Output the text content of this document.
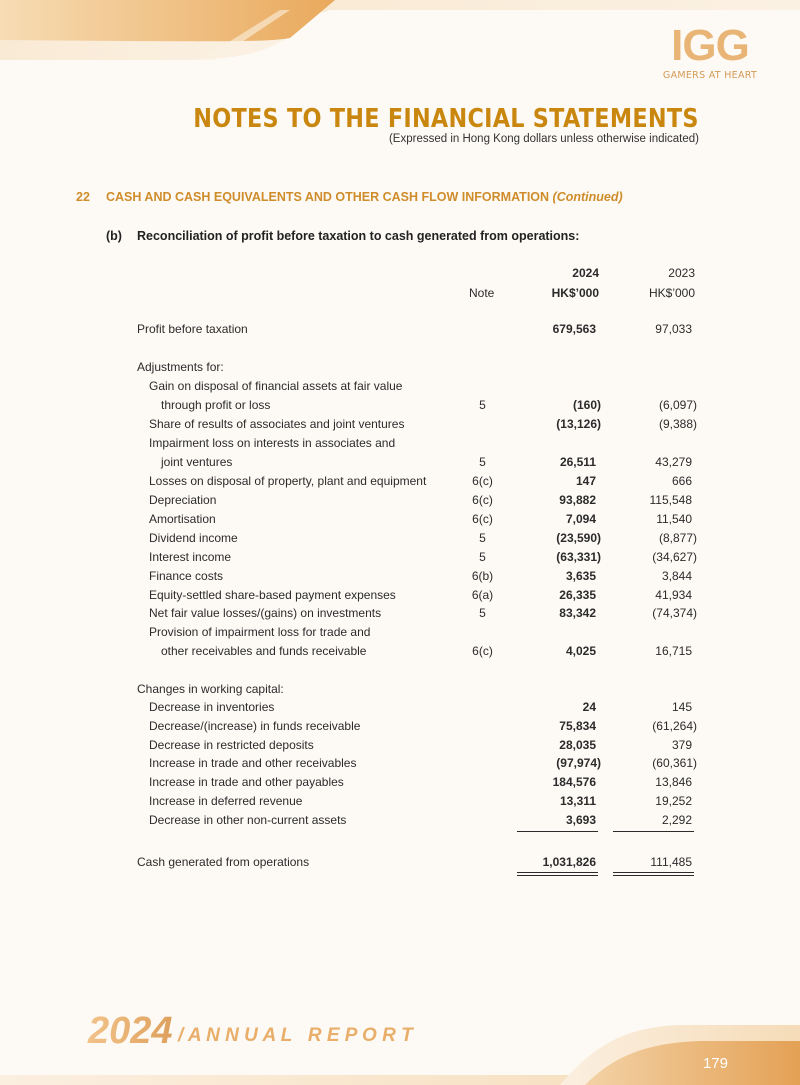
IGG
GAMERS AT HEART
NOTES TO THE FINANCIAL STATEMENTS
(Expressed in Hong Kong dollars unless otherwise indicated)
22 CASH AND CASH EQUIVALENTS AND OTHER CASH FLOW INFORMATION (Continued)
(b) Reconciliation of profit before taxation to cash generated from operations:
2024	2023
Note	HK$’000	HK$’000
Profit before taxation	679,563	97,033
Adjustments for:
Gain on disposal of financial assets at fair value
through profit or loss	5	(160)	(6,097)
Share of results of associates and joint ventures	(13,126)	(9,388)
Impairment loss on interests in associates and
joint ventures	5	26,511	43,279
Losses on disposal of property, plant and equipment	6(c)	147	666
Depreciation	6(c)	93,882	115,548
Amortisation	6(c)	7,094	11,540
Dividend income	5	(23,590)	(8,877)
Interest income	5	(63,331)	(34,627)
Finance costs	6(b)	3,635	3,844
Equity-settled share-based payment expenses	6(a)	26,335	41,934
Net fair value losses/(gains) on investments	5	83,342	(74,374)
Provision of impairment loss for trade and
other receivables and funds receivable	6(c)	4,025	16,715
Changes in working capital:
Decrease in inventories	24	145
Decrease/(increase) in funds receivable	75,834	(61,264)
Decrease in restricted deposits	28,035	379
Increase in trade and other receivables	(97,974)	(60,361)
Increase in trade and other payables	184,576	13,846
Increase in deferred revenue	13,311	19,252
Decrease in other non-current assets	3,693	2,292
Cash generated from operations	1,031,826	111,485
2024 / A N N U A L   R E P O R T
179
